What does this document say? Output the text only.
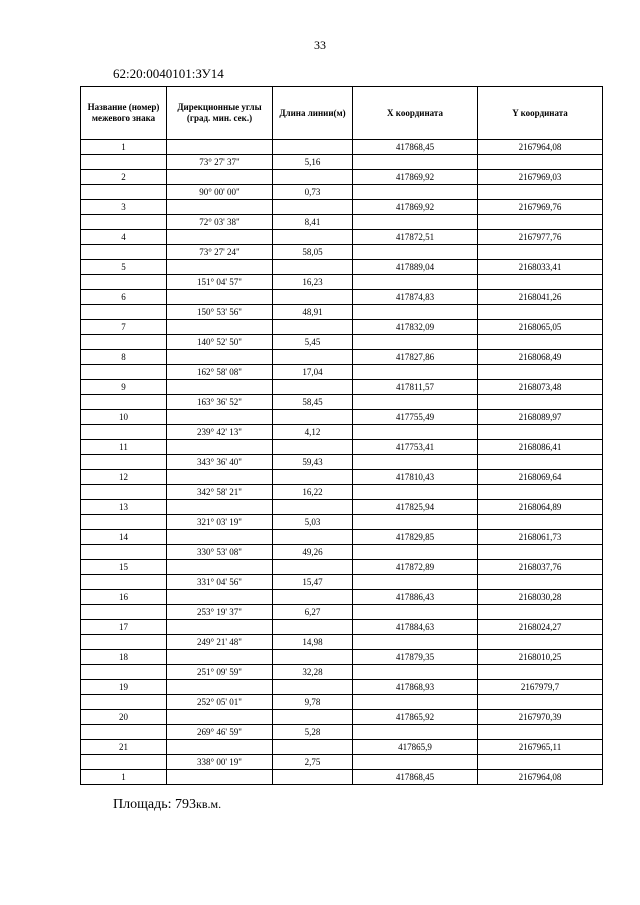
33
62:20:0040101:ЗУ14
Название (номер) межевого знака	Дирекционные углы (град. мин. сек.)	Длина линии(м)	X координата	Y координата
1			417868,45	2167964,08
	73° 27' 37"	5,16		
2			417869,92	2167969,03
	90° 00' 00"	0,73		
3			417869,92	2167969,76
	72° 03' 38"	8,41		
4			417872,51	2167977,76
	73° 27' 24"	58,05		
5			417889,04	2168033,41
	151° 04' 57"	16,23		
6			417874,83	2168041,26
	150° 53' 56"	48,91		
7			417832,09	2168065,05
	140° 52' 50"	5,45		
8			417827,86	2168068,49
	162° 58' 08"	17,04		
9			417811,57	2168073,48
	163° 36' 52"	58,45		
10			417755,49	2168089,97
	239° 42' 13"	4,12		
11			417753,41	2168086,41
	343° 36' 40"	59,43		
12			417810,43	2168069,64
	342° 58' 21"	16,22		
13			417825,94	2168064,89
	321° 03' 19"	5,03		
14			417829,85	2168061,73
	330° 53' 08"	49,26		
15			417872,89	2168037,76
	331° 04' 56"	15,47		
16			417886,43	2168030,28
	253° 19' 37"	6,27		
17			417884,63	2168024,27
	249° 21' 48"	14,98		
18			417879,35	2168010,25
	251° 09' 59"	32,28		
19			417868,93	2167979,7
	252° 05' 01"	9,78		
20			417865,92	2167970,39
	269° 46' 59"	5,28		
21			417865,9	2167965,11
	338° 00' 19"	2,75		
1			417868,45	2167964,08
Площадь: 793кв.м.
